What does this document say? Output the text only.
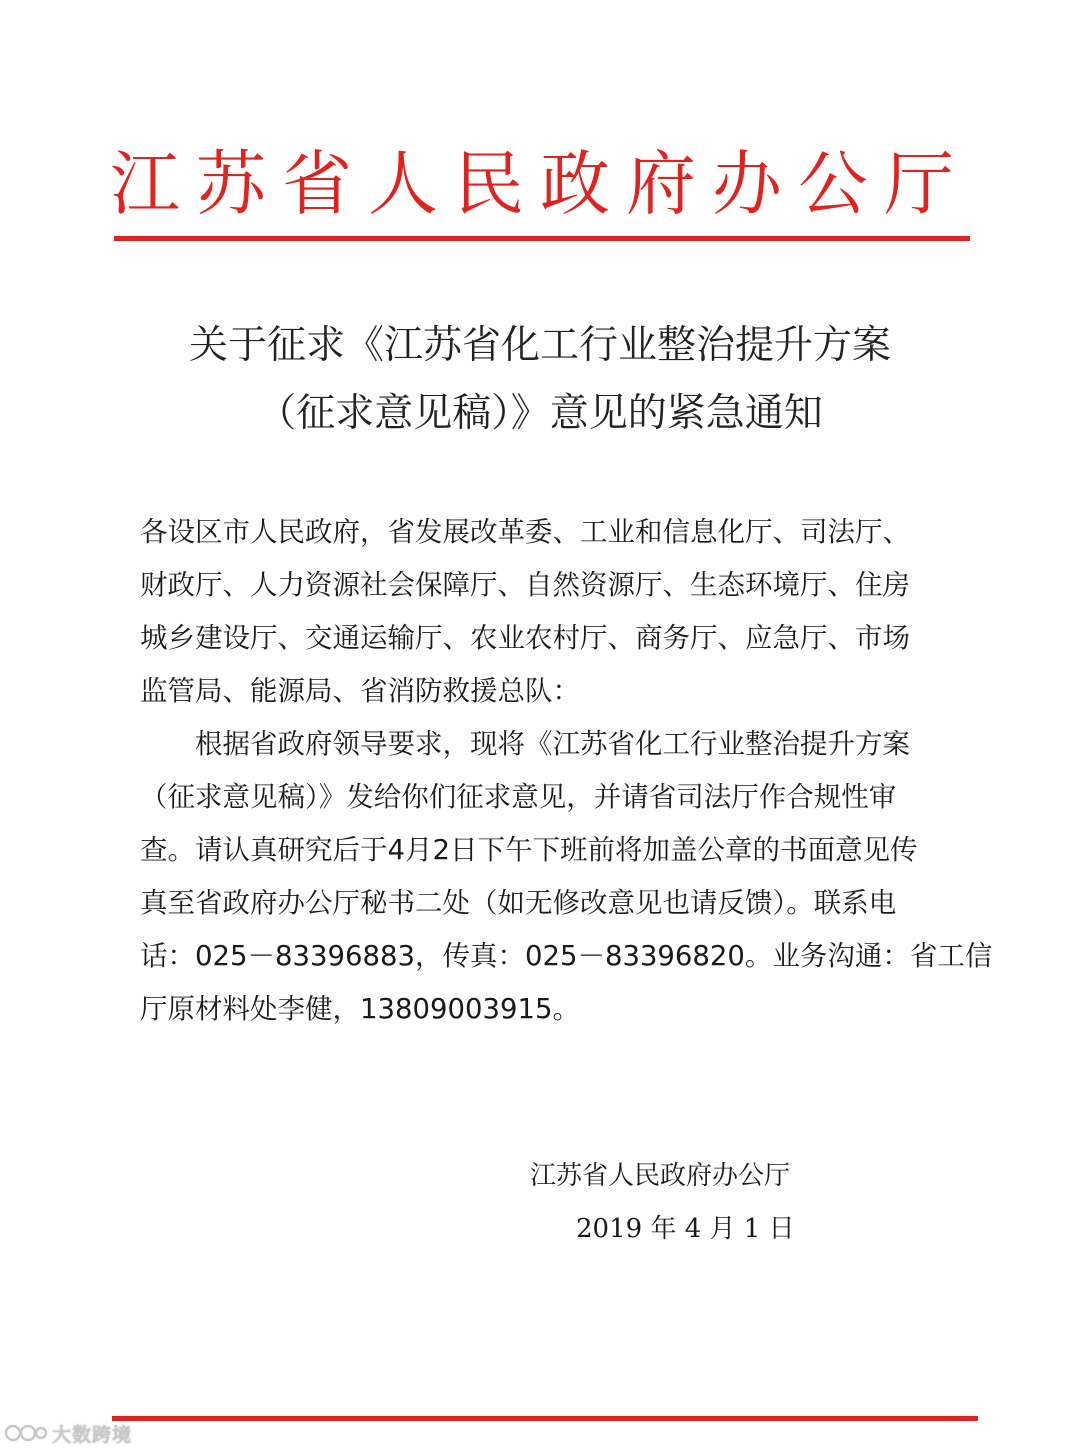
江苏省人民政府办公厅
关于征求《江苏省化工行业整治提升方案
（征求意见稿）》意见的紧急通知
各设区市人民政府，省发展改革委、工业和信息化厅、司法厅、
财政厅、人力资源社会保障厅、自然资源厅、生态环境厅、住房
城乡建设厅、交通运输厅、农业农村厅、商务厅、应急厅、市场
监管局、能源局、省消防救援总队：
　　根据省政府领导要求，现将《江苏省化工行业整治提升方案
（征求意见稿）》发给你们征求意见，并请省司法厅作合规性审
查。请认真研究后于4月2日下午下班前将加盖公章的书面意见传
真至省政府办公厅秘书二处（如无修改意见也请反馈）。联系电
话：025－83396883，传真：025－83396820。业务沟通：省工信
厅原材料处李健，13809003915。
江苏省人民政府办公厅
2019 年 4 月 1 日
大数跨境
